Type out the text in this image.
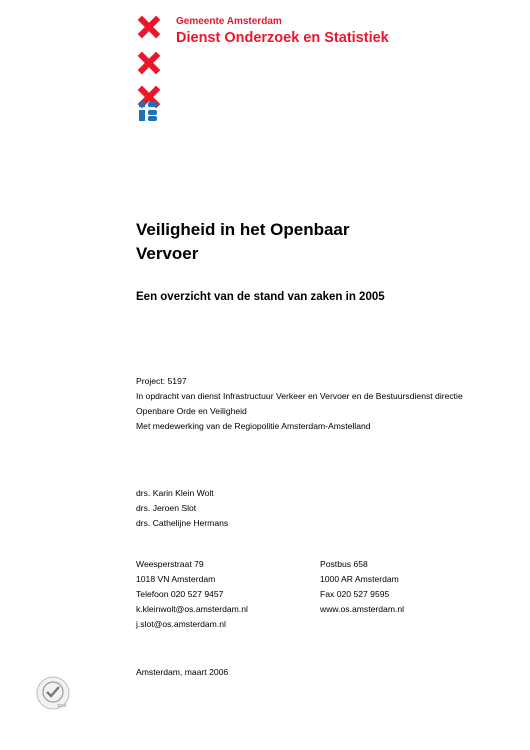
Gemeente Amsterdam
Dienst Onderzoek en Statistiek
Veiligheid in het Openbaar
Vervoer
Een overzicht van de stand van zaken in 2005
Project: 5197
In opdracht van dienst Infrastructuur Verkeer en Vervoer en de Bestuursdienst directie
Openbare Orde en Veiligheid
Met medewerking van de Regiopolitie Amsterdam-Amstelland
drs. Karin Klein Wolt
drs. Jeroen Slot
drs. Cathelijne Hermans
Weesperstraat 79
1018 VN Amsterdam
Telefoon 020 527 9457
k.kleinwolt@os.amsterdam.nl
j.slot@os.amsterdam.nl
Postbus 658
1000 AR Amsterdam
Fax 020 527 9595
www.os.amsterdam.nl
Amsterdam, maart 2006
SGS
